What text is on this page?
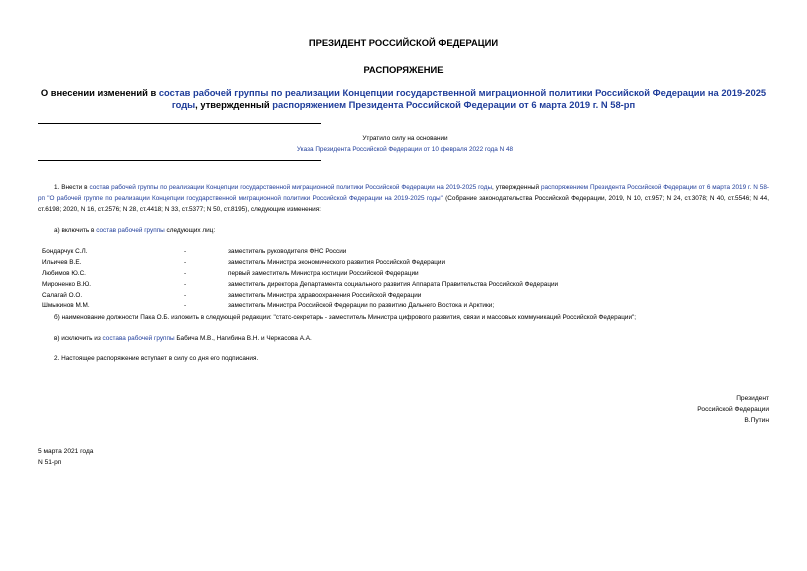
ПРЕЗИДЕНТ РОССИЙСКОЙ ФЕДЕРАЦИИ
РАСПОРЯЖЕНИЕ
О внесении изменений в состав рабочей группы по реализации Концепции государственной миграционной политики Российской Федерации на 2019-2025 годы, утвержденный распоряжением Президента Российской Федерации от 6 марта 2019 г. N 58-рп
Утратило силу на основании
Указа Президента Российской Федерации от 10 февраля 2022 года N 48
1. Внести в состав рабочей группы по реализации Концепции государственной миграционной политики Российской Федерации на 2019-2025 годы, утвержденный распоряжением Президента Российской Федерации от 6 марта 2019 г. N 58-рп "О рабочей группе по реализации Концепции государственной миграционной политики Российской Федерации на 2019-2025 годы" (Собрание законодательства Российской Федерации, 2019, N 10, ст.957; N 24, ст.3078; N 40, ст.5546; N 44, ст.6198; 2020, N 16, ст.2576; N 28, ст.4418; N 33, ст.5377; N 50, ст.8195), следующие изменения:
а) включить в состав рабочей группы следующих лиц:
Бондарчук С.Л.	-	заместитель руководителя ФНС России
Ильичев В.Е.	-	заместитель Министра экономического развития Российской Федерации
Любимов Ю.С.	-	первый заместитель Министра юстиции Российской Федерации
Мироненко В.Ю.	-	заместитель директора Департамента социального развития Аппарата Правительства Российской Федерации
Салагай О.О.	-	заместитель Министра здравоохранения Российской Федерации
Шмыкинов М.М.	-	заместитель Министра Российской Федерации по развитию Дальнего Востока и Арктики;
б) наименование должности Пака О.Б. изложить в следующей редакции: "статс-секретарь - заместитель Министра цифрового развития, связи и массовых коммуникаций Российской Федерации";
в) исключить из состава рабочей группы Бабича М.В., Нагибина В.Н. и Черкасова А.А.
2. Настоящее распоряжение вступает в силу со дня его подписания.
Президент
Российской Федерации
В.Путин
5 марта 2021 года
N 51-рп
